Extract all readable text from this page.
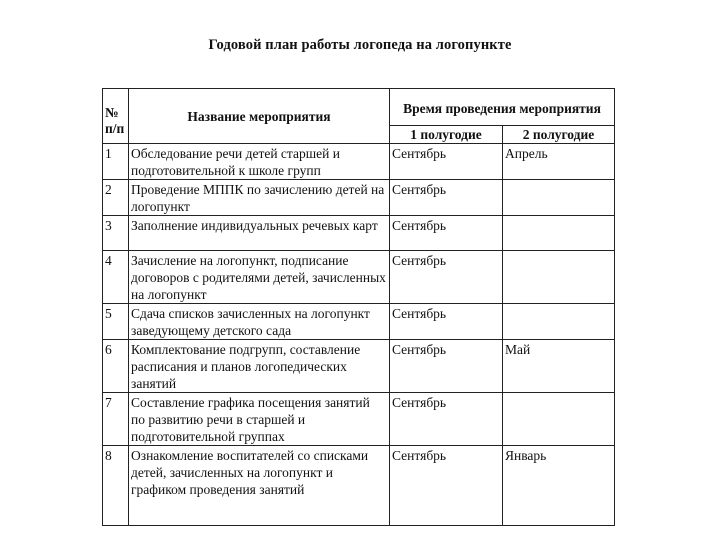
Годовой план работы логопеда на логопункте
№ п/п	Название мероприятия	Время проведения мероприятия	
		1 полугодие	2 полугодие
1	Обследование речи детей старшей и подготовительной к школе групп	Сентябрь	Апрель
2	Проведение МППК по зачислению детей на логопункт	Сентябрь	
3	Заполнение индивидуальных речевых карт	Сентябрь	
4	Зачисление на логопункт, подписание договоров с родителями детей, зачисленных на логопункт	Сентябрь	
5	Сдача списков зачисленных на логопункт заведующему детского сада	Сентябрь	
6	Комплектование подгрупп, составление расписания и планов логопедических занятий	Сентябрь	Май
7	Составление графика посещения занятий по развитию речи в старшей и подготовительной группах	Сентябрь	
8	Ознакомление воспитателей со списками детей, зачисленных на логопункт и графиком проведения занятий	Сентябрь	Январь
